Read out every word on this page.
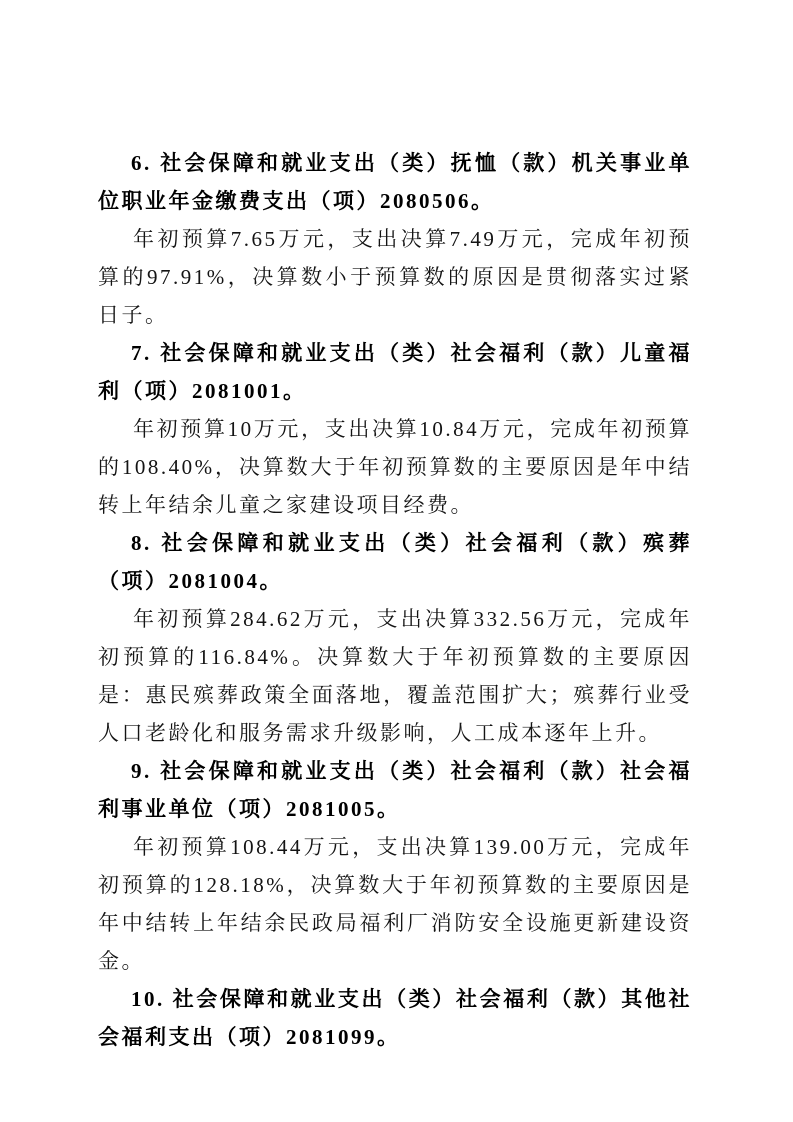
6. 社会保障和就业支出（类）抚恤（款）机关事业单位职业年金缴费支出（项）2080506。

年初预算7.65万元，支出决算7.49万元，完成年初预算的97.91%，决算数小于预算数的原因是贯彻落实过紧日子。

7. 社会保障和就业支出（类）社会福利（款）儿童福利（项）2081001。

年初预算10万元，支出决算10.84万元，完成年初预算的108.40%，决算数大于年初预算数的主要原因是年中结转上年结余儿童之家建设项目经费。

8. 社会保障和就业支出（类）社会福利（款）殡葬（项）2081004。

年初预算284.62万元，支出决算332.56万元，完成年初预算的116.84%。决算数大于年初预算数的主要原因是：惠民殡葬政策全面落地，覆盖范围扩大；殡葬行业受人口老龄化和服务需求升级影响，人工成本逐年上升。

9. 社会保障和就业支出（类）社会福利（款）社会福利事业单位（项）2081005。

年初预算108.44万元，支出决算139.00万元，完成年初预算的128.18%，决算数大于年初预算数的主要原因是年中结转上年结余民政局福利厂消防安全设施更新建设资金。

10. 社会保障和就业支出（类）社会福利（款）其他社会福利支出（项）2081099。
